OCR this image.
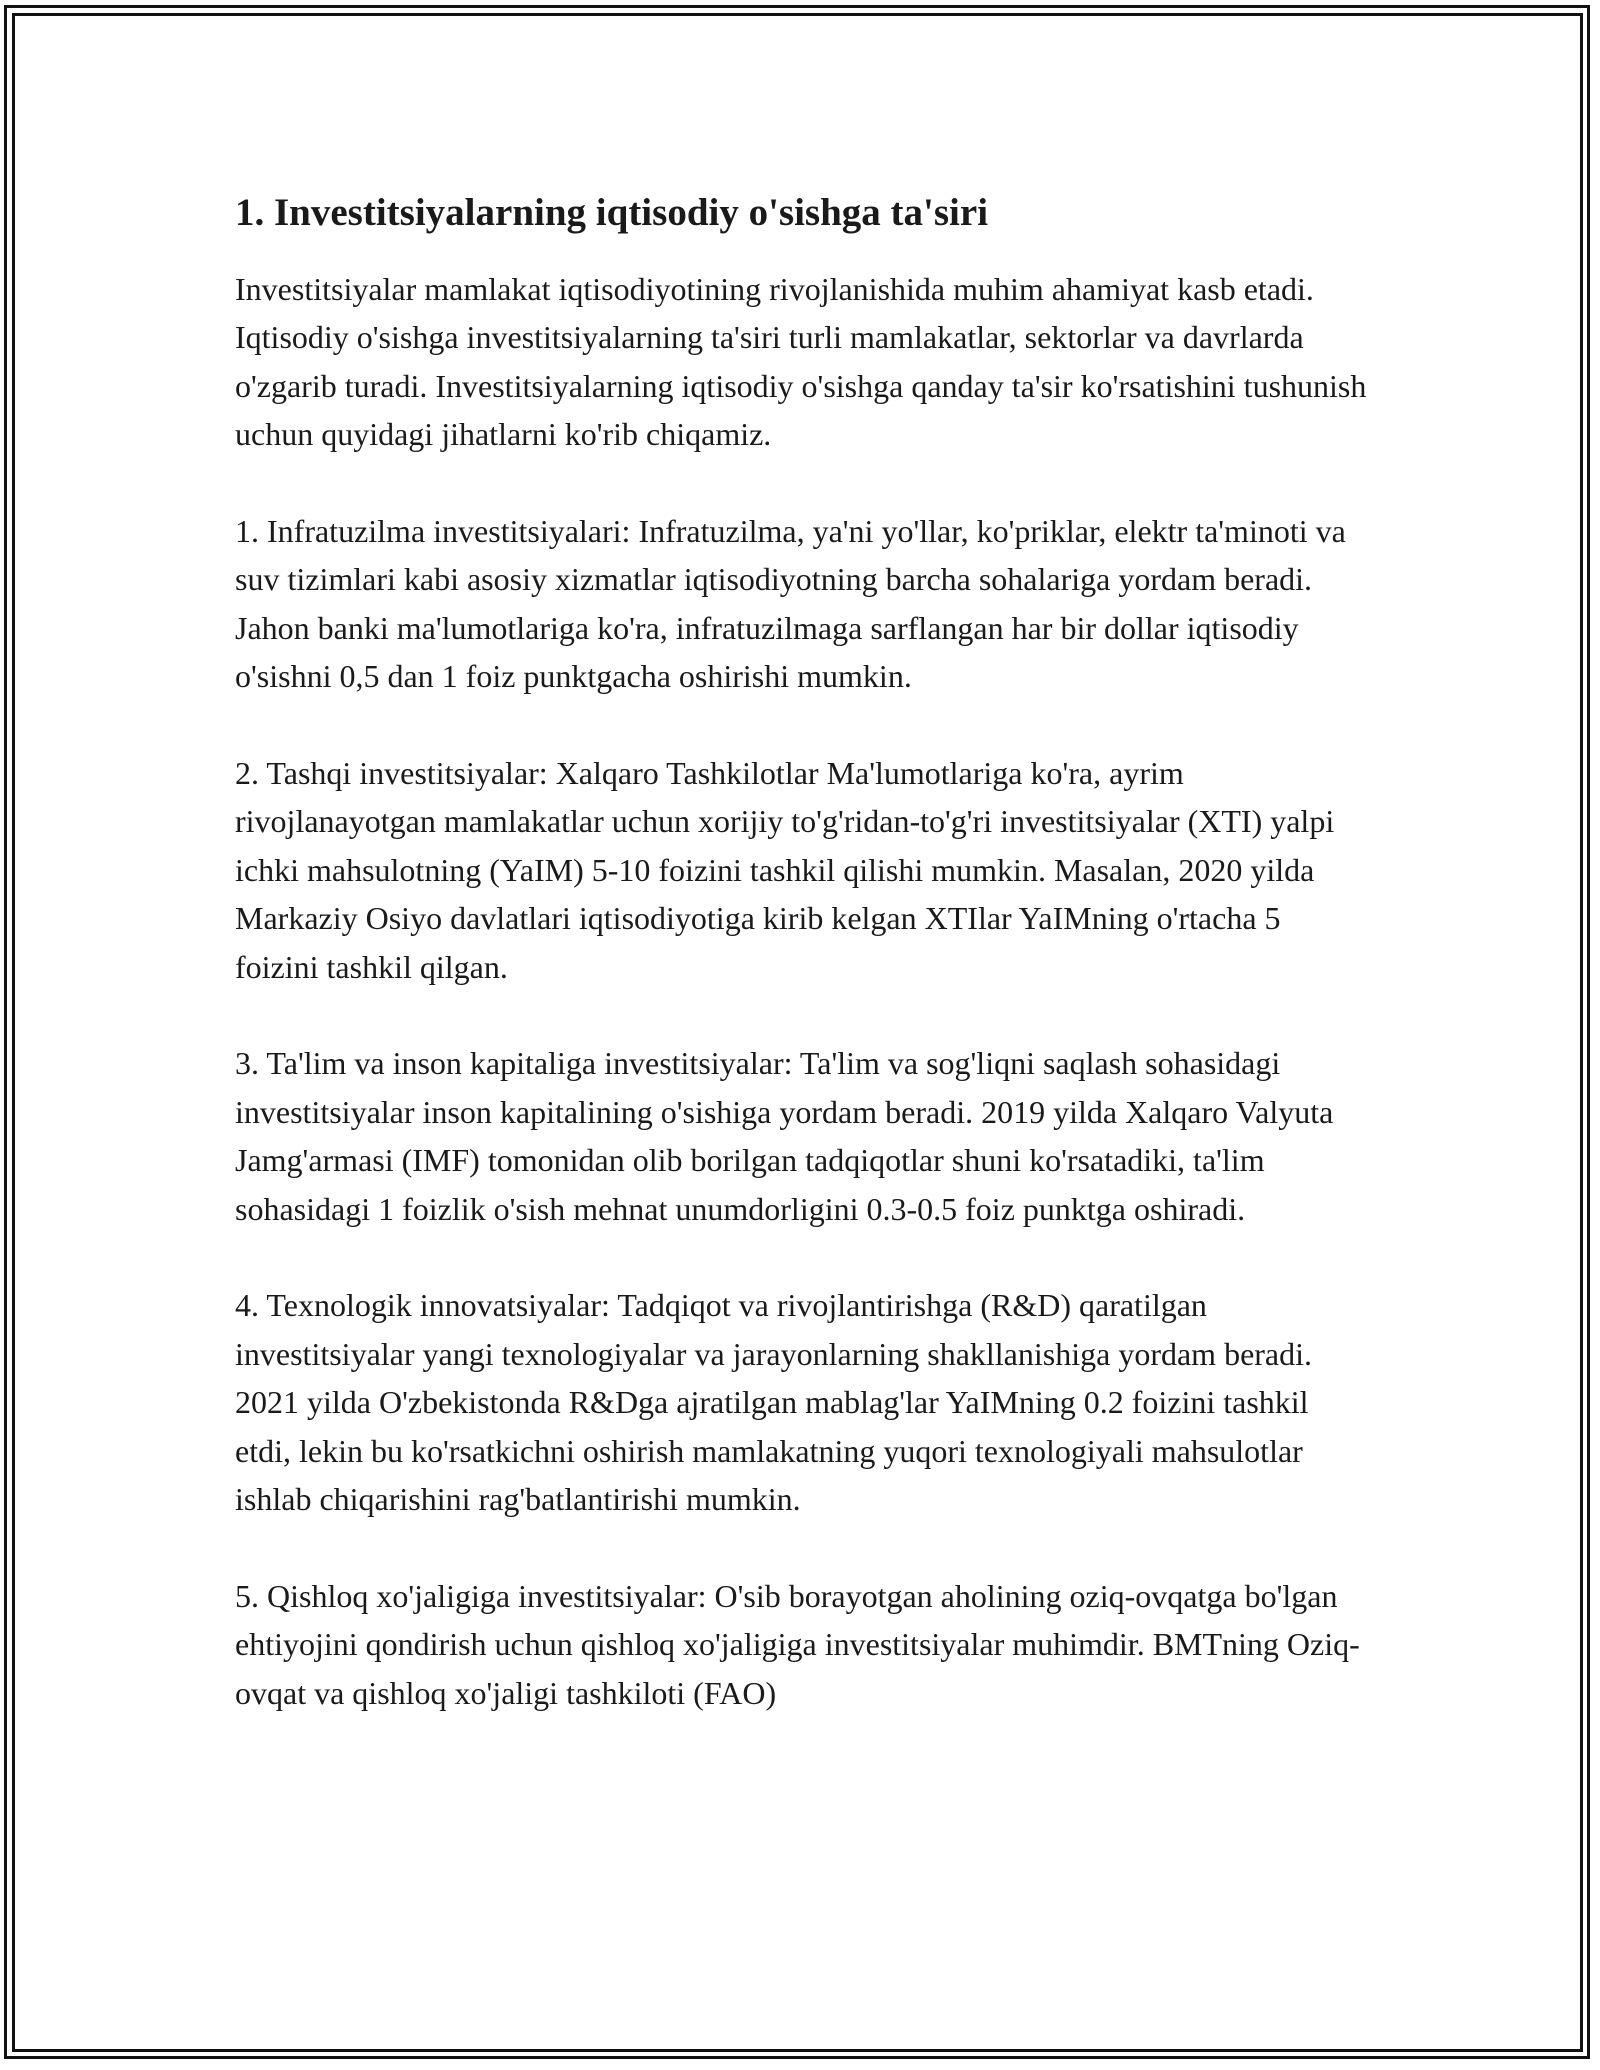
1. Investitsiyalarning iqtisodiy o'sishga ta'siri

Investitsiyalar mamlakat iqtisodiyotining rivojlanishida muhim ahamiyat kasb etadi. Iqtisodiy o'sishga investitsiyalarning ta'siri turli mamlakatlar, sektorlar va davrlarda o'zgarib turadi. Investitsiyalarning iqtisodiy o'sishga qanday ta'sir ko'rsatishini tushunish uchun quyidagi jihatlarni ko'rib chiqamiz.

1. Infratuzilma investitsiyalari: Infratuzilma, ya'ni yo'llar, ko'priklar, elektr ta'minoti va suv tizimlari kabi asosiy xizmatlar iqtisodiyotning barcha sohalariga yordam beradi. Jahon banki ma'lumotlariga ko'ra, infratuzilmaga sarflangan har bir dollar iqtisodiy o'sishni 0,5 dan 1 foiz punktgacha oshirishi mumkin.

2. Tashqi investitsiyalar: Xalqaro Tashkilotlar Ma'lumotlariga ko'ra, ayrim rivojlanayotgan mamlakatlar uchun xorijiy to'g'ridan-to'g'ri investitsiyalar (XTI) yalpi ichki mahsulotning (YaIM) 5-10 foizini tashkil qilishi mumkin. Masalan, 2020 yilda Markaziy Osiyo davlatlari iqtisodiyotiga kirib kelgan XTIlar YaIMning o'rtacha 5 foizini tashkil qilgan.

3. Ta'lim va inson kapitaliga investitsiyalar: Ta'lim va sog'liqni saqlash sohasidagi investitsiyalar inson kapitalining o'sishiga yordam beradi. 2019 yilda Xalqaro Valyuta Jamg'armasi (IMF) tomonidan olib borilgan tadqiqotlar shuni ko'rsatadiki, ta'lim sohasidagi 1 foizlik o'sish mehnat unumdorligini 0.3-0.5 foiz punktga oshiradi.

4. Texnologik innovatsiyalar: Tadqiqot va rivojlantirishga (R&D) qaratilgan investitsiyalar yangi texnologiyalar va jarayonlarning shakllanishiga yordam beradi. 2021 yilda O'zbekistonda R&Dga ajratilgan mablag'lar YaIMning 0.2 foizini tashkil etdi, lekin bu ko'rsatkichni oshirish mamlakatning yuqori texnologiyali mahsulotlar ishlab chiqarishini rag'batlantirishi mumkin.

5. Qishloq xo'jaligiga investitsiyalar: O'sib borayotgan aholining oziq-ovqatga bo'lgan ehtiyojini qondirish uchun qishloq xo'jaligiga investitsiyalar muhimdir. BMTning Oziq-ovqat va qishloq xo'jaligi tashkiloti (FAO)
